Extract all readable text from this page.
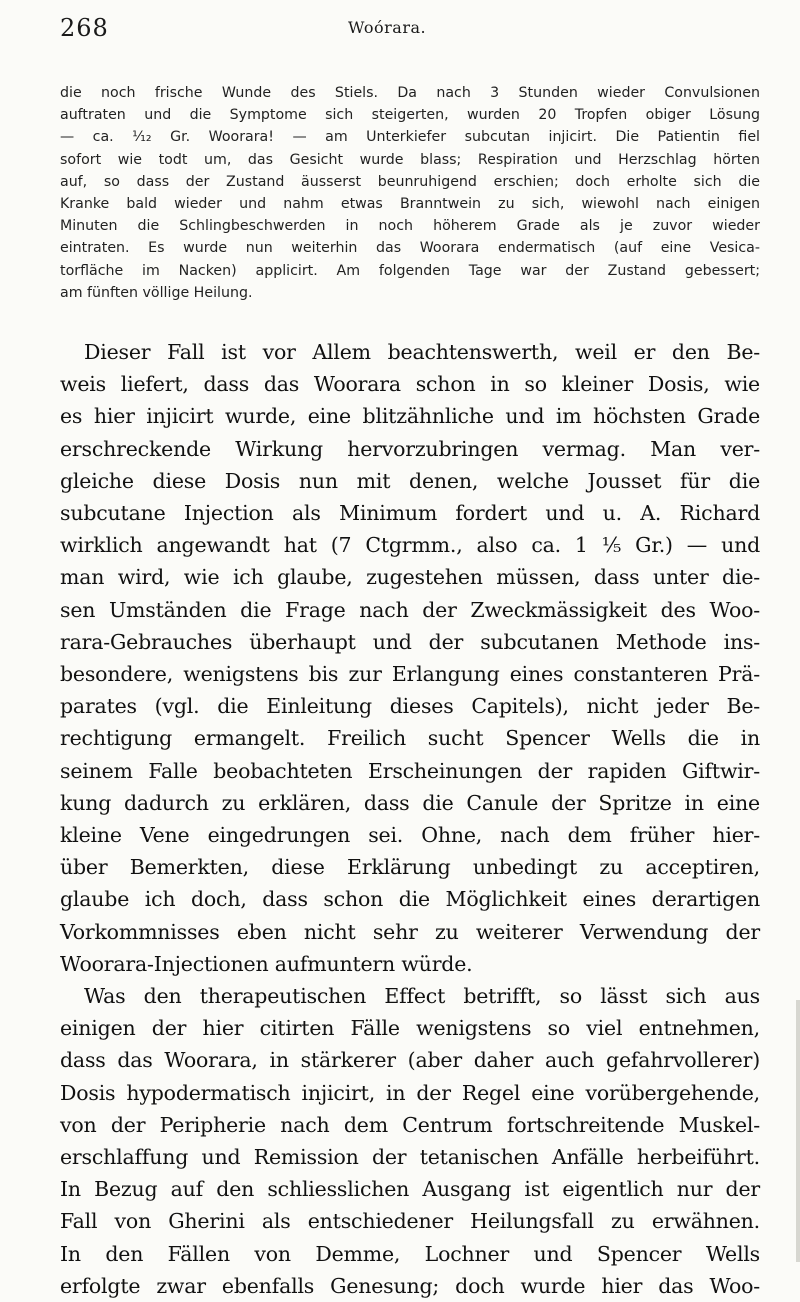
268	Woórara.
die noch frische Wunde des Stiels. Da nach 3 Stunden wieder Convulsionen
auftraten und die Symptome sich steigerten, wurden 20 Tropfen obiger Lösung
— ca. ⅟₁₂ Gr. Woorara! — am Unterkiefer subcutan injicirt. Die Patientin fiel
sofort wie todt um, das Gesicht wurde blass; Respiration und Herzschlag hörten
auf, so dass der Zustand äusserst beunruhigend erschien; doch erholte sich die
Kranke bald wieder und nahm etwas Branntwein zu sich, wiewohl nach einigen
Minuten die Schlingbeschwerden in noch höherem Grade als je zuvor wieder
eintraten. Es wurde nun weiterhin das Woorara endermatisch (auf eine Vesica-
torfläche im Nacken) applicirt. Am folgenden Tage war der Zustand gebessert;
am fünften völlige Heilung.
Dieser Fall ist vor Allem beachtenswerth, weil er den Be-
weis liefert, dass das Woorara schon in so kleiner Dosis, wie
es hier injicirt wurde, eine blitzähnliche und im höchsten Grade
erschreckende Wirkung hervorzubringen vermag. Man ver-
gleiche diese Dosis nun mit denen, welche Jousset für die
subcutane Injection als Minimum fordert und u. A. Richard
wirklich angewandt hat (7 Ctgrmm., also ca. 1 ⅟₅ Gr.) — und
man wird, wie ich glaube, zugestehen müssen, dass unter die-
sen Umständen die Frage nach der Zweckmässigkeit des Woo-
rara-Gebrauches überhaupt und der subcutanen Methode ins-
besondere, wenigstens bis zur Erlangung eines constanteren Prä-
parates (vgl. die Einleitung dieses Capitels), nicht jeder Be-
rechtigung ermangelt. Freilich sucht Spencer Wells die in
seinem Falle beobachteten Erscheinungen der rapiden Giftwir-
kung dadurch zu erklären, dass die Canule der Spritze in eine
kleine Vene eingedrungen sei. Ohne, nach dem früher hier-
über Bemerkten, diese Erklärung unbedingt zu acceptiren,
glaube ich doch, dass schon die Möglichkeit eines derartigen
Vorkommnisses eben nicht sehr zu weiterer Verwendung der
Woorara-Injectionen aufmuntern würde.
Was den therapeutischen Effect betrifft, so lässt sich aus
einigen der hier citirten Fälle wenigstens so viel entnehmen,
dass das Woorara, in stärkerer (aber daher auch gefahrvollerer)
Dosis hypodermatisch injicirt, in der Regel eine vorübergehende,
von der Peripherie nach dem Centrum fortschreitende Muskel-
erschlaffung und Remission der tetanischen Anfälle herbeiführt.
In Bezug auf den schliesslichen Ausgang ist eigentlich nur der
Fall von Gherini als entschiedener Heilungsfall zu erwähnen.
In den Fällen von Demme, Lochner und Spencer Wells
erfolgte zwar ebenfalls Genesung; doch wurde hier das Woo-
